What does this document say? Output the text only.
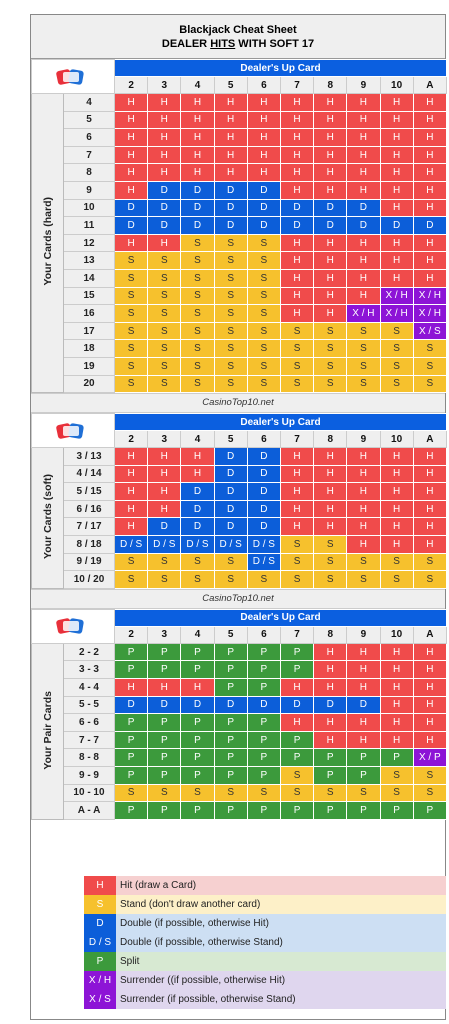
Blackjack Cheat Sheet
DEALER HITS WITH SOFT 17
	Dealer's Up Card									
		2	3	4	5	6	7	8	9	10	A
Your Cards (hard)	4	H	H	H	H	H	H	H	H	H	H
	5	H	H	H	H	H	H	H	H	H	H
	6	H	H	H	H	H	H	H	H	H	H
	7	H	H	H	H	H	H	H	H	H	H
	8	H	H	H	H	H	H	H	H	H	H
	9	H	D	D	D	D	H	H	H	H	H
	10	D	D	D	D	D	D	D	D	H	H
	11	D	D	D	D	D	D	D	D	D	D
	12	H	H	S	S	S	H	H	H	H	H
	13	S	S	S	S	S	H	H	H	H	H
	14	S	S	S	S	S	H	H	H	H	H
	15	S	S	S	S	S	H	H	H	X / H	X / H
	16	S	S	S	S	S	H	H	X / H	X / H	X / H
	17	S	S	S	S	S	S	S	S	S	X / S
	18	S	S	S	S	S	S	S	S	S	S
	19	S	S	S	S	S	S	S	S	S	S
	20	S	S	S	S	S	S	S	S	S	S
CasinoTop10.net
	Dealer's Up Card									
		2	3	4	5	6	7	8	9	10	A
Your Cards (soft)	3 / 13	H	H	H	D	D	H	H	H	H	H
	4 / 14	H	H	H	D	D	H	H	H	H	H
	5 / 15	H	H	D	D	D	H	H	H	H	H
	6 / 16	H	H	D	D	D	H	H	H	H	H
	7 / 17	H	D	D	D	D	H	H	H	H	H
	8 / 18	D / S	D / S	D / S	D / S	D / S	S	S	H	H	H
	9 / 19	S	S	S	S	D / S	S	S	S	S	S
	10 / 20	S	S	S	S	S	S	S	S	S	S
CasinoTop10.net
	Dealer's Up Card									
		2	3	4	5	6	7	8	9	10	A
Your Pair Cards	2 - 2	P	P	P	P	P	P	H	H	H	H
	3 - 3	P	P	P	P	P	P	H	H	H	H
	4 - 4	H	H	H	P	P	H	H	H	H	H
	5 - 5	D	D	D	D	D	D	D	D	H	H
	6 - 6	P	P	P	P	P	H	H	H	H	H
	7 - 7	P	P	P	P	P	P	H	H	H	H
	8 - 8	P	P	P	P	P	P	P	P	P	X / P
	9 - 9	P	P	P	P	P	S	P	P	S	S
	10 - 10	S	S	S	S	S	S	S	S	S	S
	A - A	P	P	P	P	P	P	P	P	P	P
H	Hit (draw a Card)
S	Stand (don't draw another card)
D	Double (if possible, otherwise Hit)
D / S Double (if possible, otherwise Stand)
P	Split
X / H Surrender ((if possible, otherwise Hit)
X / S Surrender (if possible, otherwise Stand)
